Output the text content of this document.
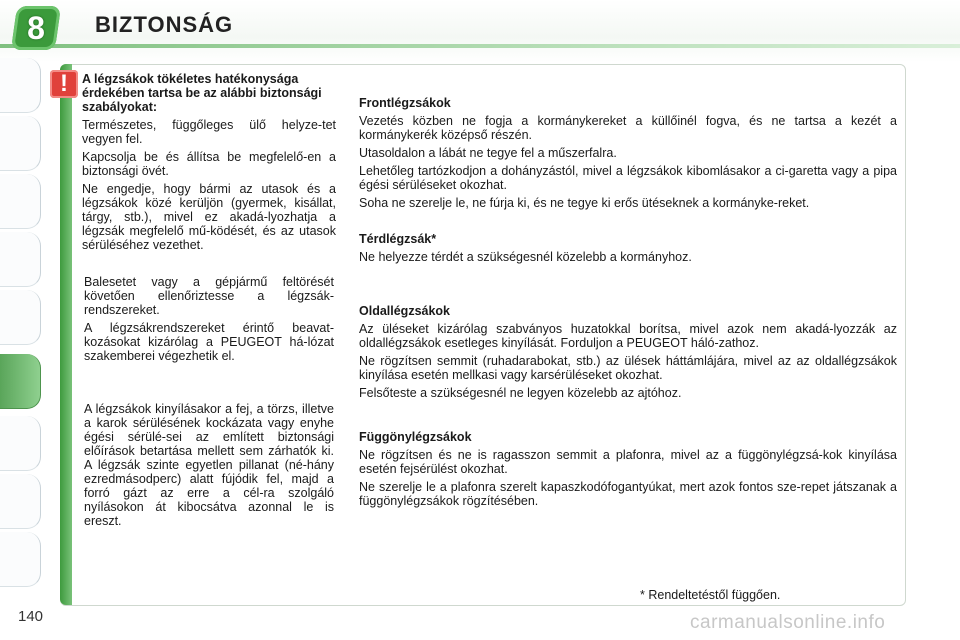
8	BIZTONSÁG
!	A légzsákok tökéletes hatékonysága érdekében tartsa be az alábbi biztonsági szabályokat:

Természetes, függőleges ülő helyze-tet vegyen fel.

Kapcsolja be és állítsa be megfelelő-en a biztonsági övét.

Ne engedje, hogy bármi az utasok és a légzsákok közé kerüljön (gyermek, kisállat, tárgy, stb.), mivel ez akadá-lyozhatja a légzsák megfelelő mű-ködését, és az utasok sérüléséhez vezethet.

Balesetet vagy a gépjármű feltörését követően ellenőriztesse a légzsák-rendszereket.

A légzsákrendszereket érintő beavat-kozásokat kizárólag a PEUGEOT há-lózat szakemberei végezhetik el.

A légzsákok kinyílásakor a fej, a törzs, illetve a karok sérülésének kockázata vagy enyhe égési sérülé-sei az említett biztonsági előírások betartása mellett sem zárhatók ki. A légzsák szinte egyetlen pillanat (né-hány ezredmásodperc) alatt fújódik fel, majd a forró gázt az erre a cél-ra szolgáló nyílásokon át kibocsátva azonnal le is ereszt.

Frontlégzsákok

Vezetés közben ne fogja a kormánykereket a küllőinél fogva, és ne tartsa a kezét a kormánykerék középső részén.

Utasoldalon a lábát ne tegye fel a műszerfalra.

Lehetőleg tartózkodjon a dohányzástól, mivel a légzsákok kibomlásakor a ci-garetta vagy a pipa égési sérüléseket okozhat.

Soha ne szerelje le, ne fúrja ki, és ne tegye ki erős ütéseknek a kormányke-reket.

Térdlégzsák*

Ne helyezze térdét a szükségesnél közelebb a kormányhoz.

Oldallégzsákok

Az üléseket kizárólag szabványos huzatokkal borítsa, mivel azok nem akadá-lyozzák az oldallégzsákok esetleges kinyílását. Forduljon a PEUGEOT háló-zathoz.

Ne rögzítsen semmit (ruhadarabokat, stb.) az ülések háttámlájára, mivel az az oldallégzsákok kinyílása esetén mellkasi vagy karsérüléseket okozhat.

Felsőteste a szükségesnél ne legyen közelebb az ajtóhoz.

Függönylégzsákok

Ne rögzítsen és ne is ragasszon semmit a plafonra, mivel az a függönylégzsá-kok kinyílása esetén fejsérülést okozhat.

Ne szerelje le a plafonra szerelt kapaszkodófogantyúkat, mert azok fontos sze-repet játszanak a függönylégzsákok rögzítésében.

* Rendeltetéstől függően.
140	carmanualsonline.info
